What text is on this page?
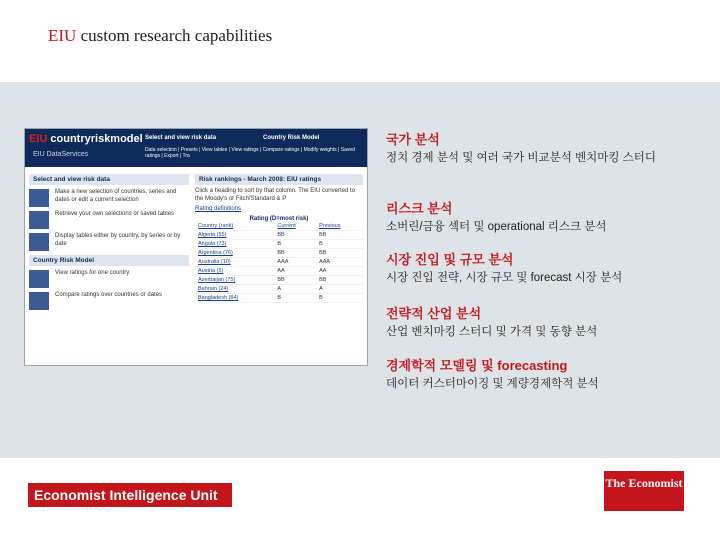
EIU custom research capabilities
EIU countryriskmodel
EIU DataServices
Select and view risk data	Country Risk Model
Data selection | Presets | View tables | View ratings | Compare ratings | Modify weights | Saved ratings | Export | Tra
Select and view risk data
Make a new selection of countries, series and dates or edit a current selection
Retrieve your own selections or saved tables
Display tables either by country, by series or by date
Country Risk Model
View ratings for one country
Compare ratings over countries or dates
Risk rankings - March 2008: EIU ratings
Click a heading to sort by that column. The EIU converted to the Moody's or Fitch/Standard & P
Rating definitions
Rating (D=most risk)
Country (rank)	Current	Previous
Algeria (55)	BB	BB
Angola (73)	B	B
Argentina (76)	BB	BB
Australia (10)	AAA	AAA
Austria (5)	AA	AA
Azerbaijan (75)	BB	BB
Bahrain (24)	A	A
Bangladesh (84)	B	B
국가 분석
정치 경제 분석 및 여러 국가 비교분석 벤치마킹 스터디
리스크 분석
소버린/금융 섹터 및 operational 리스크 분석
시장 진입 및 규모 분석
시장 진입 전략, 시장 규모 및 forecast 시장 분석
전략적 산업 분석
산업 벤치마킹 스터디 및 가격 및 동향 분석
경제학적 모델링 및 forecasting
데이터 커스터마이징 및 계량경제학적 분석
Economist Intelligence Unit
The Economist
